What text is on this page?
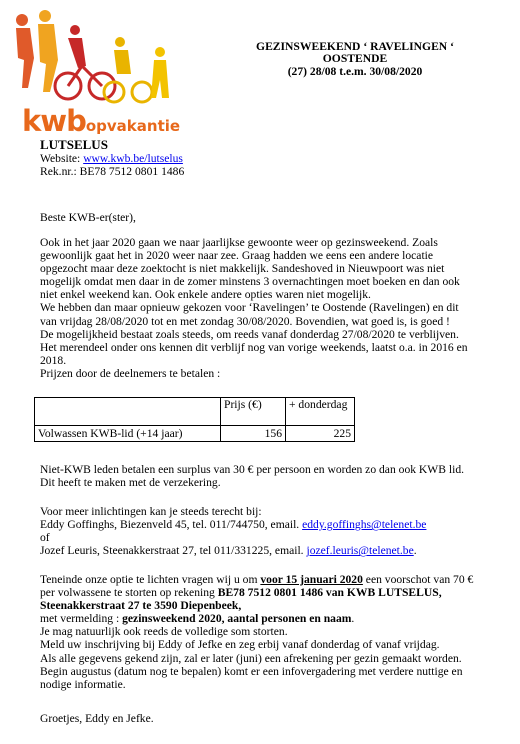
kwbopvakantie
GEZINSWEEKEND ‘ RAVELINGEN ‘
OOSTENDE
(27) 28/08 t.e.m. 30/08/2020
LUTSELUS
Website: www.kwb.be/lutselus
Rek.nr.: BE78 7512 0801 1486
Beste KWB-er(ster),
Ook in het jaar 2020 gaan we naar jaarlijkse gewoonte weer op gezinsweekend. Zoals
gewoonlijk gaat het in 2020 weer naar zee. Graag hadden we eens een andere locatie
opgezocht maar deze zoektocht is niet makkelijk. Sandeshoved in Nieuwpoort was niet
mogelijk omdat men daar in de zomer minstens 3 overnachtingen moet boeken en dan ook
niet enkel weekend kan. Ook enkele andere opties waren niet mogelijk.
We hebben dan maar opnieuw gekozen voor ‘Ravelingen’ te Oostende (Ravelingen) en dit
van vrijdag 28/08/2020 tot en met zondag 30/08/2020. Bovendien, wat goed is, is goed !
De mogelijkheid bestaat zoals steeds, om reeds vanaf donderdag 27/08/2020 te verblijven.
Het merendeel onder ons kennen dit verblijf nog van vorige weekends, laatst o.a. in 2016 en
2018.
Prijzen door de deelnemers te betalen :
	Prijs (€)	+ donderdag
Volwassen KWB-lid (+14 jaar)	156	225
Niet-KWB leden betalen een surplus van 30 € per persoon en worden zo dan ook KWB lid.
Dit heeft te maken met de verzekering.
Voor meer inlichtingen kan je steeds terecht bij:
Eddy Goffinghs, Biezenveld 45, tel. 011/744750, email. eddy.goffinghs@telenet.be
of
Jozef Leuris, Steenakkerstraat 27, tel 011/331225, email. jozef.leuris@telenet.be.
Teneinde onze optie te lichten vragen wij u om voor 15 januari 2020 een voorschot van 70 €
per volwassene te storten op rekening BE78 7512 0801 1486 van KWB LUTSELUS,
Steenakkerstraat 27 te 3590 Diepenbeek,
met vermelding : gezinsweekend 2020, aantal personen en naam.
Je mag natuurlijk ook reeds de volledige som storten.
Meld uw inschrijving bij Eddy of Jefke en zeg erbij vanaf donderdag of vanaf vrijdag.
Als alle gegevens gekend zijn, zal er later (juni) een afrekening per gezin gemaakt worden.
Begin augustus (datum nog te bepalen) komt er een infovergadering met verdere nuttige en
nodige informatie.
Groetjes, Eddy en Jefke.
